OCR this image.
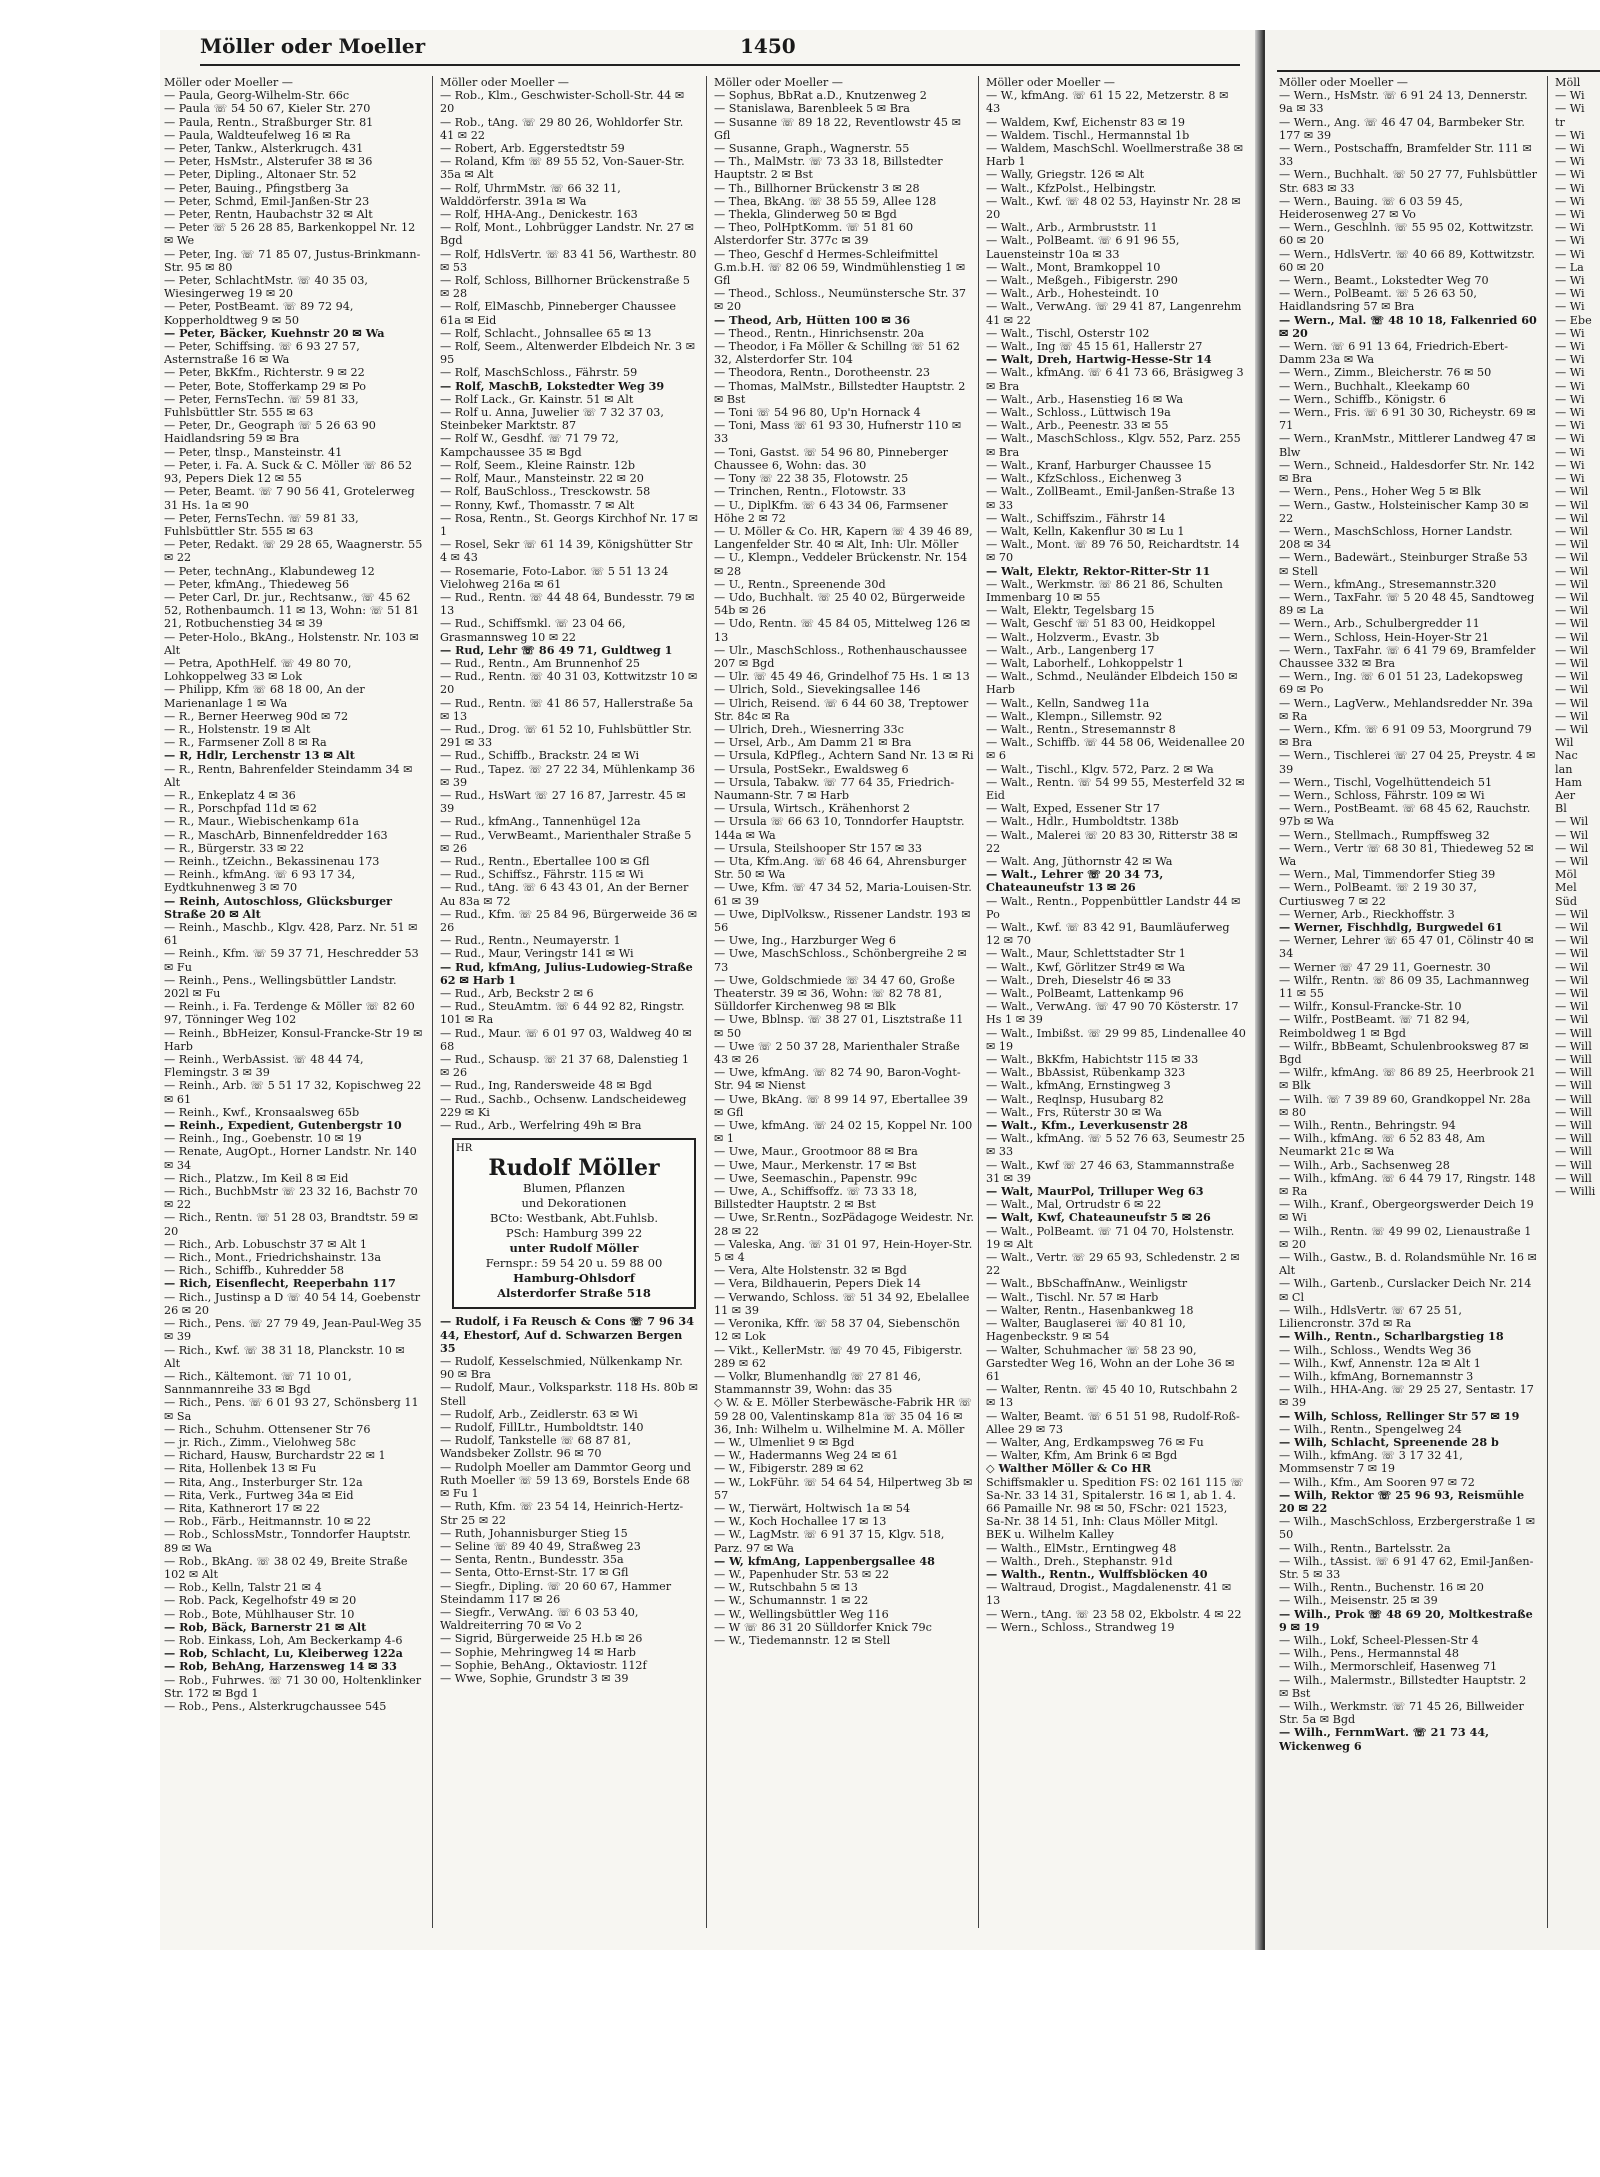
Möller oder Moeller	1450

Möller oder Moeller —

— Paula, Georg-Wilhelm-Str. 66c

— Paula ☏ 54 50 67, Kieler Str. 270

— Paula, Rentn., Straßburger Str. 81

— Paula, Waldteufelweg 16 ✉ Ra

— Peter, Tankw., Alsterkrugch. 431

— Peter, HsMstr., Alsterufer 38 ✉ 36

— Peter, Dipling., Altonaer Str. 52

— Peter, Bauing., Pfingstberg 3a

— Peter, Schmd, Emil-Janßen-Str 23

— Peter, Rentn, Haubachstr 32 ✉ Alt

— Peter ☏ 5 26 28 85, Barkenkoppel Nr. 12 ✉ We

— Peter, Ing. ☏ 71 85 07, Justus-Brinkmann-Str. 95 ✉ 80

— Peter, SchlachtMstr. ☏ 40 35 03, Wiesingerweg 19 ✉ 20

— Peter, PostBeamt. ☏ 89 72 94, Kopperholdtweg 9 ✉ 50

— Peter, Bäcker, Kuehnstr 20 ✉ Wa

— Peter, Schiffsing. ☏ 6 93 27 57, Asternstraße 16 ✉ Wa

— Peter, BkKfm., Richterstr. 9 ✉ 22

— Peter, Bote, Stofferkamp 29 ✉ Po

— Peter, FernsTechn. ☏ 59 81 33, Fuhlsbüttler Str. 555 ✉ 63

— Peter, Dr., Geograph ☏ 5 26 63 90 Haidlandsring 59 ✉ Bra

— Peter, tlnsp., Mansteinstr. 41

— Peter, i. Fa. A. Suck & C. Möller ☏ 86 52 93, Pepers Diek 12 ✉ 55

— Peter, Beamt. ☏ 7 90 56 41, Grotelerweg 31 Hs. 1a ✉ 90

— Peter, FernsTechn. ☏ 59 81 33, Fuhlsbüttler Str. 555 ✉ 63

— Peter, Redakt. ☏ 29 28 65, Waagnerstr. 55 ✉ 22

— Peter, technAng., Klabundeweg 12

— Peter, kfmAng., Thiedeweg 56

— Peter Carl, Dr. jur., Rechtsanw., ☏ 45 62 52, Rothenbaumch. 11 ✉ 13, Wohn: ☏ 51 81 21, Rotbuchenstieg 34 ✉ 39

— Peter-Holo., BkAng., Holstenstr. Nr. 103 ✉ Alt

— Petra, ApothHelf. ☏ 49 80 70, Lohkoppelweg 33 ✉ Lok

— Philipp, Kfm ☏ 68 18 00, An der Marienanlage 1 ✉ Wa

— R., Berner Heerweg 90d ✉ 72

— R., Holstenstr. 19 ✉ Alt

— R., Farmsener Zoll 8 ✉ Ra

— R, Hdlr, Lerchenstr 13 ✉ Alt

— R., Rentn, Bahrenfelder Steindamm 34 ✉ Alt

— R., Enkeplatz 4 ✉ 36

— R., Porschpfad 11d ✉ 62

— R., Maur., Wiebischenkamp 61a

— R., MaschArb, Binnenfeldredder 163

— R., Bürgerstr. 33 ✉ 22

— Reinh., tZeichn., Bekassinenau 173

— Reinh., kfmAng. ☏ 6 93 17 34, Eydtkuhnenweg 3 ✉ 70

— Reinh, Autoschloss, Glücksburger Straße 20 ✉ Alt

— Reinh., Maschb., Klgv. 428, Parz. Nr. 51 ✉ 61

— Reinh., Kfm. ☏ 59 37 71, Heschredder 53 ✉ Fu

— Reinh., Pens., Wellingsbüttler Landstr. 202l ✉ Fu

— Reinh., i. Fa. Terdenge & Möller ☏ 82 60 97, Tönninger Weg 102

— Reinh., BbHeizer, Konsul-Francke-Str 19 ✉ Harb

— Reinh., WerbAssist. ☏ 48 44 74, Flemingstr. 3 ✉ 39

— Reinh., Arb. ☏ 5 51 17 32, Kopischweg 22 ✉ 61

— Reinh., Kwf., Kronsaalsweg 65b

— Reinh., Expedient, Gutenbergstr 10

— Reinh., Ing., Goebenstr. 10 ✉ 19

— Renate, AugOpt., Horner Landstr. Nr. 140 ✉ 34

— Rich., Platzw., Im Keil 8 ✉ Eid

— Rich., BuchbMstr ☏ 23 32 16, Bachstr 70 ✉ 22

— Rich., Rentn. ☏ 51 28 03, Brandtstr. 59 ✉ 20

— Rich., Arb. Lobuschstr 37 ✉ Alt 1

— Rich., Mont., Friedrichshainstr. 13a

— Rich., Schiffb., Kuhredder 58

— Rich, Eisenflecht, Reeperbahn 117

— Rich., Justinsp a D ☏ 40 54 14, Goebenstr 26 ✉ 20

— Rich., Pens. ☏ 27 79 49, Jean-Paul-Weg 35 ✉ 39

— Rich., Kwf. ☏ 38 31 18, Planckstr. 10 ✉ Alt

— Rich., Kältemont. ☏ 71 10 01, Sannmannreihe 33 ✉ Bgd

— Rich., Pens. ☏ 6 01 93 27, Schönsberg 11 ✉ Sa

— Rich., Schuhm. Ottensener Str 76

— jr. Rich., Zimm., Vielohweg 58c

— Richard, Hausw, Burchardstr 22 ✉ 1

— Rita, Hollenbek 13 ✉ Fu

— Rita, Ang., Insterburger Str. 12a

— Rita, Verk., Furtweg 34a ✉ Eid

— Rita, Kathnerort 17 ✉ 22

— Rob., Färb., Heitmannstr. 10 ✉ 22

— Rob., SchlossMstr., Tonndorfer Hauptstr. 89 ✉ Wa

— Rob., BkAng. ☏ 38 02 49, Breite Straße 102 ✉ Alt

— Rob., Kelln, Talstr 21 ✉ 4

— Rob. Pack, Kegelhofstr 49 ✉ 20

— Rob., Bote, Mühlhauser Str. 10

— Rob, Bäck, Barnerstr 21 ✉ Alt

— Rob. Einkass, Loh, Am Beckerkamp 4-6

— Rob, Schlacht, Lu, Kleiberweg 122a

— Rob, BehAng, Harzensweg 14 ✉ 33

— Rob., Fuhrwes. ☏ 71 30 00, Holtenklinker Str. 172 ✉ Bgd 1

— Rob., Pens., Alsterkrugchaussee 545

Möller oder Moeller —

— Rob., Klm., Geschwister-Scholl-Str. 44 ✉ 20

— Rob., tAng. ☏ 29 80 26, Wohldorfer Str. 41 ✉ 22

— Robert, Arb. Eggerstedtstr 59

— Roland, Kfm ☏ 89 55 52, Von-Sauer-Str. 35a ✉ Alt

— Rolf, UhrmMstr. ☏ 66 32 11, Walddörferstr. 391a ✉ Wa

— Rolf, HHA-Ang., Denickestr. 163

— Rolf, Mont., Lohbrügger Landstr. Nr. 27 ✉ Bgd

— Rolf, HdlsVertr. ☏ 83 41 56, Warthestr. 80 ✉ 53

— Rolf, Schloss, Billhorner Brückenstraße 5 ✉ 28

— Rolf, ElMaschb, Pinneberger Chaussee 61a ✉ Eid

— Rolf, Schlacht., Johnsallee 65 ✉ 13

— Rolf, Seem., Altenwerder Elbdeich Nr. 3 ✉ 95

— Rolf, MaschSchloss., Fährstr. 59

— Rolf, MaschB, Lokstedter Weg 39

— Rolf Lack., Gr. Kainstr. 51 ✉ Alt

— Rolf u. Anna, Juwelier ☏ 7 32 37 03, Steinbeker Marktstr. 87

— Rolf W., Gesdhf. ☏ 71 79 72, Kampchaussee 35 ✉ Bgd

— Rolf, Seem., Kleine Rainstr. 12b

— Rolf, Maur., Mansteinstr. 22 ✉ 20

— Rolf, BauSchloss., Tresckowstr. 58

— Ronny, Kwf., Thomasstr. 7 ✉ Alt

— Rosa, Rentn., St. Georgs Kirchhof Nr. 17 ✉ 1

— Rosel, Sekr ☏ 61 14 39, Königshütter Str 4 ✉ 43

— Rosemarie, Foto-Labor. ☏ 5 51 13 24 Vielohweg 216a ✉ 61

— Rud., Rentn. ☏ 44 48 64, Bundesstr. 79 ✉ 13

— Rud., Schiffsmkl. ☏ 23 04 66, Grasmannsweg 10 ✉ 22

— Rud, Lehr ☏ 86 49 71, Guldtweg 1

— Rud., Rentn., Am Brunnenhof 25

— Rud., Rentn. ☏ 40 31 03, Kottwitzstr 10 ✉ 20

— Rud., Rentn. ☏ 41 86 57, Hallerstraße 5a ✉ 13

— Rud., Drog. ☏ 61 52 10, Fuhlsbüttler Str. 291 ✉ 33

— Rud., Schiffb., Brackstr. 24 ✉ Wi

— Rud., Tapez. ☏ 27 22 34, Mühlenkamp 36 ✉ 39

— Rud., HsWart ☏ 27 16 87, Jarrestr. 45 ✉ 39

— Rud., kfmAng., Tannenhügel 12a

— Rud., VerwBeamt., Marienthaler Straße 5 ✉ 26

— Rud., Rentn., Ebertallee 100 ✉ Gfl

— Rud., Schiffsz., Fährstr. 115 ✉ Wi

— Rud., tAng. ☏ 6 43 43 01, An der Berner Au 83a ✉ 72

— Rud., Kfm. ☏ 25 84 96, Bürgerweide 36 ✉ 26

— Rud., Rentn., Neumayerstr. 1

— Rud., Maur, Veringstr 141 ✉ Wi

— Rud, kfmAng, Julius-Ludowieg-Straße 62 ✉ Harb 1

— Rud., Arb, Beckstr 2 ✉ 6

— Rud., SteuAmtm. ☏ 6 44 92 82, Ringstr. 101 ✉ Ra

— Rud., Maur. ☏ 6 01 97 03, Waldweg 40 ✉ 68

— Rud., Schausp. ☏ 21 37 68, Dalenstieg 1 ✉ 26

— Rud., Ing, Randersweide 48 ✉ Bgd

— Rud., Sachb., Ochsenw. Landscheideweg 229 ✉ Ki

— Rud., Arb., Werfelring 49h ✉ Bra

HR
Rudolf Möller
Blumen, Pflanzen
und Dekorationen
BCto: Westbank, Abt.Fuhlsb.
PSch: Hamburg 399 22
unter Rudolf Möller
Fernspr.: 59 54 20 u. 59 88 00
Hamburg-Ohlsdorf
Alsterdorfer Straße 518

— Rudolf, i Fa Reusch & Cons ☏ 7 96 34 44, Ehestorf, Auf d. Schwarzen Bergen 35

— Rudolf, Kesselschmied, Nülkenkamp Nr. 90 ✉ Bra

— Rudolf, Maur., Volksparkstr. 118 Hs. 80b ✉ Stell

— Rudolf, Arb., Zeidlerstr. 63 ✉ Wi

— Rudolf, FillLtr., Humboldtstr. 140

— Rudolf, Tankstelle ☏ 68 87 81, Wandsbeker Zollstr. 96 ✉ 70

— Rudolph Moeller am Dammtor Georg und Ruth Moeller ☏ 59 13 69, Borstels Ende 68 ✉ Fu 1

— Ruth, Kfm. ☏ 23 54 14, Heinrich-Hertz-Str 25 ✉ 22

— Ruth, Johannisburger Stieg 15

— Seline ☏ 89 40 49, Straßweg 23

— Senta, Rentn., Bundesstr. 35a

— Senta, Otto-Ernst-Str. 17 ✉ Gfl

— Siegfr., Dipling. ☏ 20 60 67, Hammer Steindamm 117 ✉ 26

— Siegfr., VerwAng. ☏ 6 03 53 40, Waldreiterring 70 ✉ Vo 2

— Sigrid, Bürgerweide 25 H.b ✉ 26

— Sophie, Mehringweg 14 ✉ Harb

— Sophie, BehAng., Oktaviostr. 112f

— Wwe, Sophie, Grundstr 3 ✉ 39

Möller oder Moeller —

— Sophus, BbRat a.D., Knutzenweg 2

— Stanislawa, Barenbleek 5 ✉ Bra

— Susanne ☏ 89 18 22, Reventlowstr 45 ✉ Gfl

— Susanne, Graph., Wagnerstr. 55

— Th., MalMstr. ☏ 73 33 18, Billstedter Hauptstr. 2 ✉ Bst

— Th., Billhorner Brückenstr 3 ✉ 28

— Thea, BkAng. ☏ 38 55 59, Allee 128

— Thekla, Glinderweg 50 ✉ Bgd

— Theo, PolHptKomm. ☏ 51 81 60 Alsterdorfer Str. 377c ✉ 39

— Theo, Geschf d Hermes-Schleifmittel G.m.b.H. ☏ 82 06 59, Windmühlenstieg 1 ✉ Gfl

— Theod., Schloss., Neumünstersche Str. 37 ✉ 20

— Theod, Arb, Hütten 100 ✉ 36

— Theod., Rentn., Hinrichsenstr. 20a

— Theodor, i Fa Möller & Schillng ☏ 51 62 32, Alsterdorfer Str. 104

— Theodora, Rentn., Dorotheenstr. 23

— Thomas, MalMstr., Billstedter Hauptstr. 2 ✉ Bst

— Toni ☏ 54 96 80, Up'n Hornack 4

— Toni, Mass ☏ 61 93 30, Hufnerstr 110 ✉ 33

— Toni, Gastst. ☏ 54 96 80, Pinneberger Chaussee 6, Wohn: das. 30

— Tony ☏ 22 38 35, Flotowstr. 25

— Trinchen, Rentn., Flotowstr. 33

— U., DiplKfm. ☏ 6 43 34 06, Farmsener Höhe 2 ✉ 72

— U. Möller & Co. HR, Kapern ☏ 4 39 46 89, Langenfelder Str. 40 ✉ Alt, Inh: Ulr. Möller

— U., Klempn., Veddeler Brückenstr. Nr. 154 ✉ 28

— U., Rentn., Spreenende 30d

— Udo, Buchhalt. ☏ 25 40 02, Bürgerweide 54b ✉ 26

— Udo, Rentn. ☏ 45 84 05, Mittelweg 126 ✉ 13

— Ulr., MaschSchloss., Rothenhauschaussee 207 ✉ Bgd

— Ulr. ☏ 45 49 46, Grindelhof 75 Hs. 1 ✉ 13

— Ulrich, Sold., Sievekingsallee 146

— Ulrich, Reisend. ☏ 6 44 60 38, Treptower Str. 84c ✉ Ra

— Ulrich, Dreh., Wiesnerring 33c

— Ursel, Arb., Am Damm 21 ✉ Bra

— Ursula, KdPfleg., Achtern Sand Nr. 13 ✉ Ri

— Ursula, PostSekr., Ewaldsweg 6

— Ursula, Tabakw. ☏ 77 64 35, Friedrich-Naumann-Str. 7 ✉ Harb

— Ursula, Wirtsch., Krähenhorst 2

— Ursula ☏ 66 63 10, Tonndorfer Hauptstr. 144a ✉ Wa

— Ursula, Steilshooper Str 157 ✉ 33

— Uta, Kfm.Ang. ☏ 68 46 64, Ahrensburger Str. 50 ✉ Wa

— Uwe, Kfm. ☏ 47 34 52, Maria-Louisen-Str. 61 ✉ 39

— Uwe, DiplVolksw., Rissener Landstr. 193 ✉ 56

— Uwe, Ing., Harzburger Weg 6

— Uwe, MaschSchloss., Schönbergreihe 2 ✉ 73

— Uwe, Goldschmiede ☏ 34 47 60, Große Theaterstr. 39 ✉ 36, Wohn: ☏ 82 78 81, Sülldorfer Kirchenweg 98 ✉ Blk

— Uwe, Bblnsp. ☏ 38 27 01, Lisztstraße 11 ✉ 50

— Uwe ☏ 2 50 37 28, Marienthaler Straße 43 ✉ 26

— Uwe, kfmAng. ☏ 82 74 90, Baron-Voght-Str. 94 ✉ Nienst

— Uwe, BkAng. ☏ 8 99 14 97, Ebertallee 39 ✉ Gfl

— Uwe, kfmAng. ☏ 24 02 15, Koppel Nr. 100 ✉ 1

— Uwe, Maur., Grootmoor 88 ✉ Bra

— Uwe, Maur., Merkenstr. 17 ✉ Bst

— Uwe, Seemaschin., Papenstr. 99c

— Uwe, A., Schiffsoffz. ☏ 73 33 18, Billstedter Hauptstr. 2 ✉ Bst

— Uwe, Sr.Rentn., SozPädagoge Weidestr. Nr. 28 ✉ 22

— Valeska, Ang. ☏ 31 01 97, Hein-Hoyer-Str. 5 ✉ 4

— Vera, Alte Holstenstr. 32 ✉ Bgd

— Vera, Bildhauerin, Pepers Diek 14

— Verwando, Schloss. ☏ 51 34 92, Ebelallee 11 ✉ 39

— Veronika, Kffr. ☏ 58 37 04, Siebenschön 12 ✉ Lok

— Vikt., KellerMstr. ☏ 49 70 45, Fibigerstr. 289 ✉ 62

— Volkr, Blumenhandlg ☏ 27 81 46, Stammannstr 39, Wohn: das 35

◇ W. & E. Möller Sterbewäsche-Fabrik HR ☏ 59 28 00, Valentinskamp 81a ☏ 35 04 16 ✉ 36, Inh: Wilhelm u. Wilhelmine M. A. Möller

— W., Ulmenliet 9 ✉ Bgd

— W., Hadermanns Weg 24 ✉ 61

— W., Fibigerstr. 289 ✉ 62

— W., LokFühr. ☏ 54 64 54, Hilpertweg 3b ✉ 57

— W., Tierwärt, Holtwisch 1a ✉ 54

— W., Koch Hochallee 17 ✉ 13

— W., LagMstr. ☏ 6 91 37 15, Klgv. 518, Parz. 97 ✉ Wa

— W, kfmAng, Lappenbergsallee 48

— W., Papenhuder Str. 53 ✉ 22

— W., Rutschbahn 5 ✉ 13

— W., Schumannstr. 1 ✉ 22

— W., Wellingsbüttler Weg 116

— W ☏ 86 31 20 Sülldorfer Knick 79c

— W., Tiedemannstr. 12 ✉ Stell

Möller oder Moeller —

— W., kfmAng. ☏ 61 15 22, Metzerstr. 8 ✉ 43

— Waldem, Kwf, Eichenstr 83 ✉ 19

— Waldem. Tischl., Hermannstal 1b

— Waldem, MaschSchl. Woellmerstraße 38 ✉ Harb 1

— Wally, Griegstr. 126 ✉ Alt

— Walt., KfzPolst., Helbingstr.

— Walt., Kwf. ☏ 48 02 53, Hayinstr Nr. 28 ✉ 20

— Walt., Arb., Armbruststr. 11

— Walt., PolBeamt. ☏ 6 91 96 55, Lauensteinstr 10a ✉ 33

— Walt., Mont, Bramkoppel 10

— Walt., Meßgeh., Fibigerstr. 290

— Walt., Arb., Hohesteindt. 10

— Walt., VerwAng. ☏ 29 41 87, Langenrehm 41 ✉ 22

— Walt., Tischl, Osterstr 102

— Walt., Ing ☏ 45 15 61, Hallerstr 27

— Walt, Dreh, Hartwig-Hesse-Str 14

— Walt., kfmAng. ☏ 6 41 73 66, Bräsigweg 3 ✉ Bra

— Walt., Arb., Hasenstieg 16 ✉ Wa

— Walt., Schloss., Lüttwisch 19a

— Walt., Arb., Peenestr. 33 ✉ 55

— Walt., MaschSchloss., Klgv. 552, Parz. 255 ✉ Bra

— Walt., Kranf, Harburger Chaussee 15

— Walt., KfzSchloss., Eichenweg 3

— Walt., ZollBeamt., Emil-Janßen-Straße 13 ✉ 33

— Walt., Schiffszim., Fährstr 14

— Walt, Kelln, Kakenflur 30 ✉ Lu 1

— Walt., Mont. ☏ 89 76 50, Reichardtstr. 14 ✉ 70

— Walt, Elektr, Rektor-Ritter-Str 11

— Walt., Werkmstr. ☏ 86 21 86, Schulten Immenbarg 10 ✉ 55

— Walt, Elektr, Tegelsbarg 15

— Walt, Geschf ☏ 51 83 00, Heidkoppel

— Walt., Holzverm., Evastr. 3b

— Walt., Arb., Langenberg 17

— Walt, Laborhelf., Lohkoppelstr 1

— Walt., Schmd., Neuländer Elbdeich 150 ✉ Harb

— Walt., Kelln, Sandweg 11a

— Walt., Klempn., Sillemstr. 92

— Walt., Rentn., Stresemannstr 8

— Walt., Schiffb. ☏ 44 58 06, Weidenallee 20 ✉ 6

— Walt., Tischl., Klgv. 572, Parz. 2 ✉ Wa

— Walt., Rentn. ☏ 54 99 55, Mesterfeld 32 ✉ Eid

— Walt, Exped, Essener Str 17

— Walt., Hdlr., Humboldtstr. 138b

— Walt., Malerei ☏ 20 83 30, Ritterstr 38 ✉ 22

— Walt. Ang, Jüthornstr 42 ✉ Wa

— Walt., Lehrer ☏ 20 34 73, Chateauneufstr 13 ✉ 26

— Walt., Rentn., Poppenbüttler Landstr 44 ✉ Po

— Walt., Kwf. ☏ 83 42 91, Baumläuferweg 12 ✉ 70

— Walt., Maur, Schlettstadter Str 1

— Walt., Kwf, Görlitzer Str49 ✉ Wa

— Walt., Dreh, Dieselstr 46 ✉ 33

— Walt., PolBeamt, Lattenkamp 96

— Walt., VerwAng. ☏ 47 90 70 Kösterstr. 17 Hs 1 ✉ 39

— Walt., Imbißst. ☏ 29 99 85, Lindenallee 40 ✉ 19

— Walt., BkKfm, Habichtstr 115 ✉ 33

— Walt., BbAssist, Rübenkamp 323

— Walt., kfmAng, Ernstingweg 3

— Walt., Reqlnsp, Husubarg 82

— Walt., Frs, Rüterstr 30 ✉ Wa

— Walt., Kfm., Leverkusenstr 28

— Walt., kfmAng. ☏ 5 52 76 63, Seumestr 25 ✉ 33

— Walt., Kwf ☏ 27 46 63, Stammannstraße 31 ✉ 39

— Walt, MaurPol, Trilluper Weg 63

— Walt., Mal, Ortrudstr 6 ✉ 22

— Walt, Kwf, Chateauneufstr 5 ✉ 26

— Walt., PolBeamt. ☏ 71 04 70, Holstenstr. 19 ✉ Alt

— Walt., Vertr. ☏ 29 65 93, Schledenstr. 2 ✉ 22

— Walt., BbSchaffnAnw., Weinligstr

— Walt., Tischl. Nr. 57 ✉ Harb

— Walter, Rentn., Hasenbankweg 18

— Walter, Bauglaserei ☏ 40 81 10, Hagenbeckstr. 9 ✉ 54

— Walter, Schuhmacher ☏ 58 23 90, Garstedter Weg 16, Wohn an der Lohe 36 ✉ 61

— Walter, Rentn. ☏ 45 40 10, Rutschbahn 2 ✉ 13

— Walter, Beamt. ☏ 6 51 51 98, Rudolf-Roß-Allee 29 ✉ 73

— Walter, Ang, Erdkampsweg 76 ✉ Fu

— Walter, Kfm, Am Brink 6 ✉ Bgd

◇ Walther Möller & Co HR

Schiffsmakler u. Spedition FS: 02 161 115 ☏ Sa-Nr. 33 14 31, Spitalerstr. 16 ✉ 1, ab 1. 4. 66 Pamaille Nr. 98 ✉ 50, FSchr: 021 1523, Sa-Nr. 38 14 51, Inh: Claus Möller Mitgl. BEK u. Wilhelm Kalley

— Walth., ElMstr., Erntingweg 48

— Walth., Dreh., Stephanstr. 91d

— Walth., Rentn., Wulffsblöcken 40

— Waltraud, Drogist., Magdalenenstr. 41 ✉ 13

— Wern., tAng. ☏ 23 58 02, Ekbolstr. 4 ✉ 22

— Wern., Schloss., Strandweg 19

Möller oder Moeller —

— Wern., HsMstr. ☏ 6 91 24 13, Dennerstr. 9a ✉ 33

— Wern., Ang. ☏ 46 47 04, Barmbeker Str. 177 ✉ 39

— Wern., Postschaffn, Bramfelder Str. 111 ✉ 33

— Wern., Buchhalt. ☏ 50 27 77, Fuhlsbüttler Str. 683 ✉ 33

— Wern., Bauing. ☏ 6 03 59 45, Heiderosenweg 27 ✉ Vo

— Wern., Geschlnh. ☏ 55 95 02, Kottwitzstr. 60 ✉ 20

— Wern., HdlsVertr. ☏ 40 66 89, Kottwitzstr. 60 ✉ 20

— Wern., Beamt., Lokstedter Weg 70

— Wern., PolBeamt. ☏ 5 26 63 50, Haidlandsring 57 ✉ Bra

— Wern., Mal. ☏ 48 10 18, Falkenried 60 ✉ 20

— Wern. ☏ 6 91 13 64, Friedrich-Ebert-Damm 23a ✉ Wa

— Wern., Zimm., Bleicherstr. 76 ✉ 50

— Wern., Buchhalt., Kleekamp 60

— Wern., Schiffb., Königstr. 6

— Wern., Fris. ☏ 6 91 30 30, Richeystr. 69 ✉ 71

— Wern., KranMstr., Mittlerer Landweg 47 ✉ Blw

— Wern., Schneid., Haldesdorfer Str. Nr. 142 ✉ Bra

— Wern., Pens., Hoher Weg 5 ✉ Blk

— Wern., Gastw., Holsteinischer Kamp 30 ✉ 22

— Wern., MaschSchloss, Horner Landstr. 208 ✉ 34

— Wern., Badewärt., Steinburger Straße 53 ✉ Stell

— Wern., kfmAng., Stresemannstr.320

— Wern., TaxFahr. ☏ 5 20 48 45, Sandtoweg 89 ✉ La

— Wern., Arb., Schulbergredder 11

— Wern., Schloss, Hein-Hoyer-Str 21

— Wern., TaxFahr. ☏ 6 41 79 69, Bramfelder Chaussee 332 ✉ Bra

— Wern., Ing. ☏ 6 01 51 23, Ladekopsweg 69 ✉ Po

— Wern., LagVerw., Mehlandsredder Nr. 39a ✉ Ra

— Wern., Kfm. ☏ 6 91 09 53, Moorgrund 79 ✉ Bra

— Wern., Tischlerei ☏ 27 04 25, Preystr. 4 ✉ 39

— Wern., Tischl, Vogelhüttendeich 51

— Wern., Schloss, Fährstr. 109 ✉ Wi

— Wern., PostBeamt. ☏ 68 45 62, Rauchstr. 97b ✉ Wa

— Wern., Stellmach., Rumpffsweg 32

— Wern., Vertr ☏ 68 30 81, Thiedeweg 52 ✉ Wa

— Wern., Mal, Timmendorfer Stieg 39

— Wern., PolBeamt. ☏ 2 19 30 37, Curtiusweg 7 ✉ 22

— Werner, Arb., Rieckhoffstr. 3

— Werner, Fischhdlg, Burgwedel 61

— Werner, Lehrer ☏ 65 47 01, Cölinstr 40 ✉ 34

— Werner ☏ 47 29 11, Goernestr. 30

— Wilfr., Rentn. ☏ 86 09 35, Lachmannweg 11 ✉ 55

— Wilfr., Konsul-Francke-Str. 10

— Wilfr., PostBeamt. ☏ 71 82 94, Reimboldweg 1 ✉ Bgd

— Wilfr., BbBeamt, Schulenbrooksweg 87 ✉ Bgd

— Wilfr., kfmAng. ☏ 86 89 25, Heerbrook 21 ✉ Blk

— Wilh. ☏ 7 39 89 60, Grandkoppel Nr. 28a ✉ 80

— Wilh., Rentn., Behringstr. 94

— Wilh., kfmAng. ☏ 6 52 83 48, Am Neumarkt 21c ✉ Wa

— Wilh., Arb., Sachsenweg 28

— Wilh., kfmAng. ☏ 6 44 79 17, Ringstr. 148 ✉ Ra

— Wilh., Kranf., Obergeorgswerder Deich 19 ✉ Wi

— Wilh., Rentn. ☏ 49 99 02, Lienaustraße 1 ✉ 20

— Wilh., Gastw., B. d. Rolandsmühle Nr. 16 ✉ Alt

— Wilh., Gartenb., Curslacker Deich Nr. 214 ✉ Cl

— Wilh., HdlsVertr. ☏ 67 25 51, Liliencronstr. 37d ✉ Ra

— Wilh., Rentn., Scharlbargstieg 18

— Wilh., Schloss., Wendts Weg 36

— Wilh., Kwf, Annenstr. 12a ✉ Alt 1

— Wilh., kfmAng, Bornemannstr 3

— Wilh., HHA-Ang. ☏ 29 25 27, Sentastr. 17 ✉ 39

— Wilh, Schloss, Rellinger Str 57 ✉ 19

— Wilh., Rentn., Spengelweg 24

— Wilh, Schlacht, Spreenende 28 b

— Wilh., kfmAng. ☏ 3 17 32 41, Mommsenstr 7 ✉ 19

— Wilh., Kfm., Am Sooren 97 ✉ 72

— Wilh, Rektor ☏ 25 96 93, Reismühle 20 ✉ 22

— Wilh., MaschSchloss, Erzbergerstraße 1 ✉ 50

— Wilh., Rentn., Bartelsstr. 2a

— Wilh., tAssist. ☏ 6 91 47 62, Emil-Janßen-Str. 5 ✉ 33

— Wilh., Rentn., Buchenstr. 16 ✉ 20

— Wilh., Meisenstr. 25 ✉ 39

— Wilh., Prok ☏ 48 69 20, Moltkestraße 9 ✉ 19

— Wilh., Lokf, Scheel-Plessen-Str 4

— Wilh., Pens., Hermannstal 48

— Wilh., Mermorschleif, Hasenweg 71

— Wilh., Malermstr., Billstedter Hauptstr. 2 ✉ Bst

— Wilh., Werkmstr. ☏ 71 45 26, Billweider Str. 5a ✉ Bgd

— Wilh., FernmWart. ☏ 21 73 44, Wickenweg 6

Möll

— Wi

— Wi

tr

— Wi

— Wi

— Wi

— Wi

— Wi

— Wi

— Wi

— Wi

— Wi

— Wi

— La

— Wi

— Wi

— Wi

— Ebe

— Wi

— Wi

— Wi

— Wi

— Wi

— Wi

— Wi

— Wi

— Wi

— Wi

— Wi

— Wi

— Wil

— Wil

— Wil

— Wil

— Wil

— Wil

— Wil

— Wil

— Wil

— Wil

— Wil

— Wil

— Wil

— Wil

— Wil

— Wil

— Wil

— Wil

— Wil

Wil

Nac

lan

Ham

Aer

Bl

— Wil

— Wil

— Wil

— Wil

Möl

Mel

Süd

— Wil

— Wil

— Wil

— Wil

— Wil

— Wil

— Wil

— Wil

— Wil

— Will

— Will

— Will

— Will

— Will

— Will

— Will

— Will

— Will

— Will

— Will

— Will

— Willi
